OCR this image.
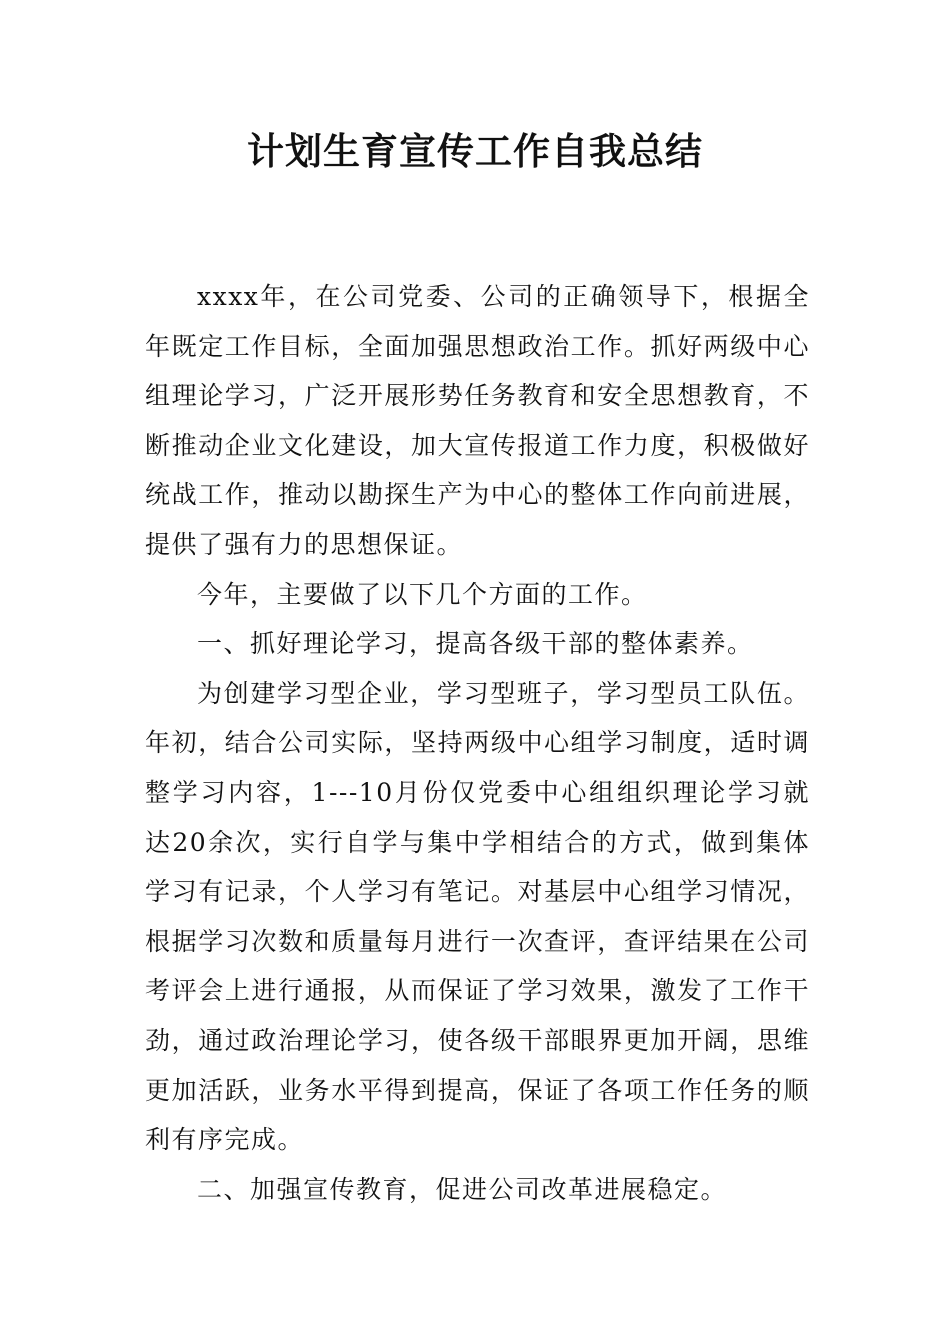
计划生育宣传工作自我总结

xxxx年，在公司党委、公司的正确领导下，根据全年既定工作目标，全面加强思想政治工作。抓好两级中心组理论学习，广泛开展形势任务教育和安全思想教育，不断推动企业文化建设，加大宣传报道工作力度，积极做好统战工作，推动以勘探生产为中心的整体工作向前进展，提供了强有力的思想保证。

今年，主要做了以下几个方面的工作。

一、抓好理论学习，提高各级干部的整体素养。

为创建学习型企业，学习型班子，学习型员工队伍。年初，结合公司实际，坚持两级中心组学习制度，适时调整学习内容，1---10月份仅党委中心组组织理论学习就达20余次，实行自学与集中学相结合的方式，做到集体学习有记录，个人学习有笔记。对基层中心组学习情况，根据学习次数和质量每月进行一次查评，查评结果在公司考评会上进行通报，从而保证了学习效果，激发了工作干劲，通过政治理论学习，使各级干部眼界更加开阔，思维更加活跃，业务水平得到提高，保证了各项工作任务的顺利有序完成。

二、加强宣传教育，促进公司改革进展稳定。
